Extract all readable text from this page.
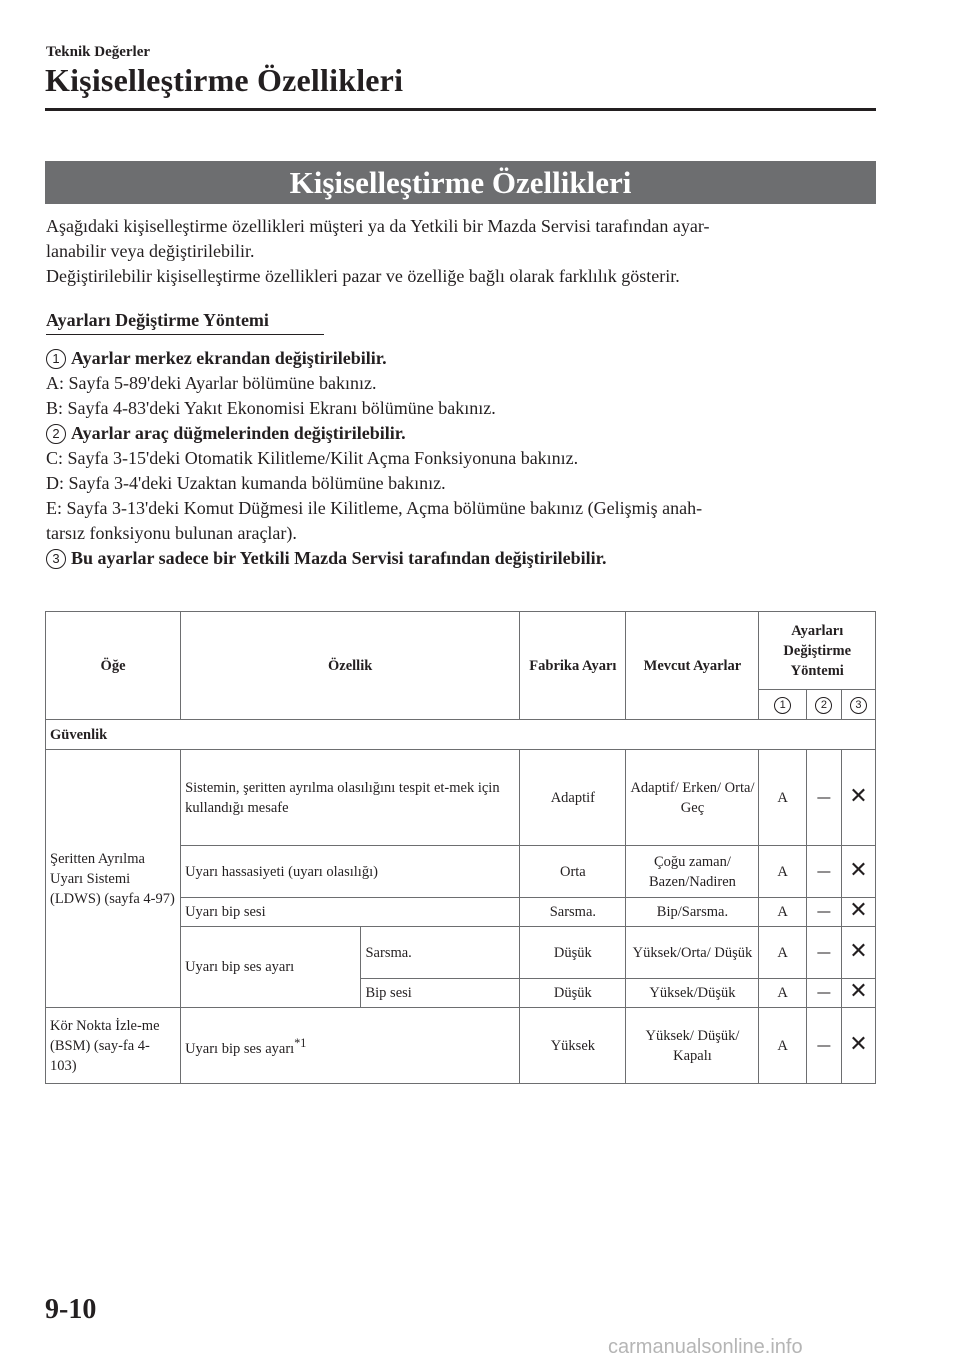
Teknik Değerler
Kişiselleştirme Özellikleri
Kişiselleştirme Özellikleri

Aşağıdaki kişiselleştirme özellikleri müşteri ya da Yetkili bir Mazda Servisi tarafından ayar-

lanabilir veya değiştirilebilir.

Değiştirilebilir kişiselleştirme özellikleri pazar ve özelliğe bağlı olarak farklılık gösterir.

Ayarları Değiştirme Yöntemi

1 Ayarlar merkez ekrandan değiştirilebilir.

A: Sayfa 5-89'deki Ayarlar bölümüne bakınız.

B: Sayfa 4-83'deki Yakıt Ekonomisi Ekranı bölümüne bakınız.

2 Ayarlar araç düğmelerinden değiştirilebilir.

C: Sayfa 3-15'deki Otomatik Kilitleme/Kilit Açma Fonksiyonuna bakınız.

D: Sayfa 3-4'deki Uzaktan kumanda bölümüne bakınız.

E: Sayfa 3-13'deki Komut Düğmesi ile Kilitleme, Açma bölümüne bakınız (Gelişmiş anah-

tarsız fonksiyonu bulunan araçlar).

3 Bu ayarlar sadece bir Yetkili Mazda Servisi tarafından değiştirilebilir.

Öğe	Özellik		Fabrika Ayarı	Mevcut Ayarlar	Ayarları Değiştirme Yöntemi		
					1	2	3
Güvenlik							
Şeritten Ayrılma Uyarı Sistemi (LDWS) (sayfa 4-97)	Sistemin, şeritten ayrılma olasılığını tespit et-mek için kullandığı mesafe		Adaptif	Adaptif/ Erken/ Orta/ Geç	A	—	✕
	Uyarı hassasiyeti (uyarı olasılığı)		Orta	Çoğu zaman/ Bazen/Nadiren	A	—	✕
	Uyarı bip sesi		Sarsma.	Bip/Sarsma.	A	—	✕
	Uyarı bip ses ayarı	Sarsma.	Düşük	Yüksek/Orta/ Düşük	A	—	✕
		Bip sesi	Düşük	Yüksek/Düşük	A	—	✕
Kör Nokta İzle-me (BSM) (say-fa 4-103)	Uyarı bip ses ayarı$^{*1}$		Yüksek	Yüksek/ Düşük/ Kapalı	A	—	✕
9-10
carmanualsonline.info
